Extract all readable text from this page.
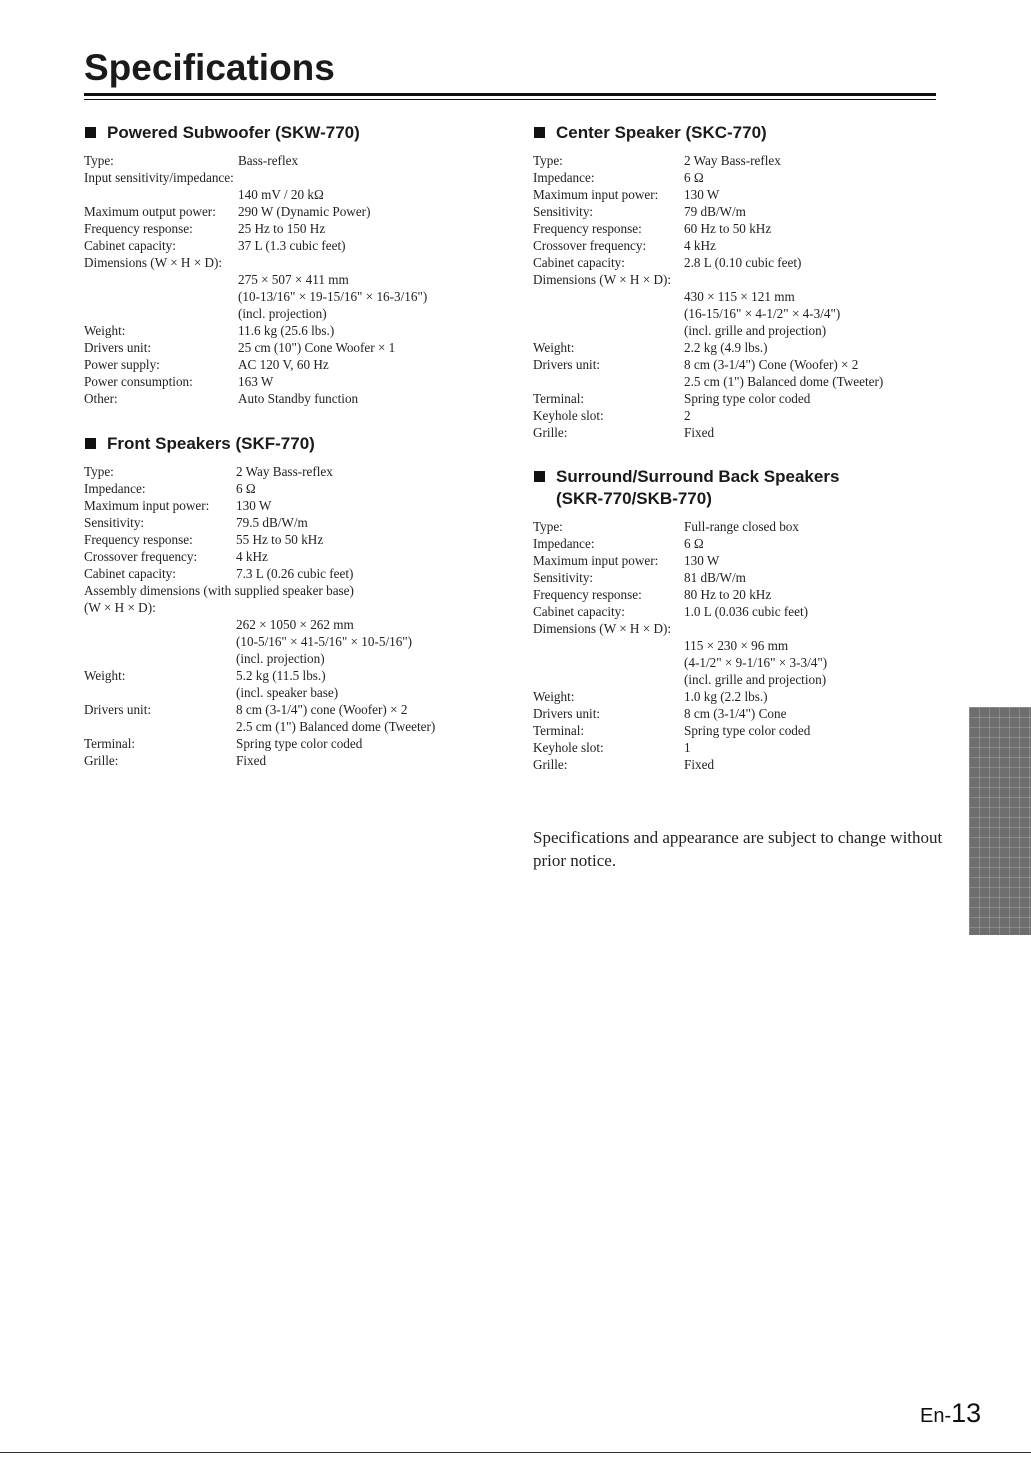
Specifications
Powered Subwoofer (SKW-770)
Type:	Bass-reflex
Input sensitivity/impedance:
140 mV / 20 kΩ
Maximum output power: 290 W (Dynamic Power)
Frequency response:	25 Hz to 150 Hz
Cabinet capacity:	37 L (1.3 cubic feet)
Dimensions (W × H × D):
275 × 507 × 411 mm
(10-13/16" × 19-15/16" × 16-3/16")
(incl. projection)
Weight:	11.6 kg (25.6 lbs.)
Drivers unit:	25 cm (10") Cone Woofer × 1
Power supply:	AC 120 V, 60 Hz
Power consumption:	163 W
Other:	Auto Standby function
Front Speakers (SKF-770)
Type:	2 Way Bass-reflex
Impedance:	6 Ω
Maximum input power: 130 W
Sensitivity:	79.5 dB/W/m
Frequency response:	55 Hz to 50 kHz
Crossover frequency:	4 kHz
Cabinet capacity:	7.3 L (0.26 cubic feet)
Assembly dimensions (with supplied speaker base)
(W × H × D):
262 × 1050 × 262 mm
(10-5/16" × 41-5/16" × 10-5/16")
(incl. projection)
Weight:	5.2 kg (11.5 lbs.)
(incl. speaker base)
Drivers unit:	8 cm (3-1/4") cone (Woofer) × 2
2.5 cm (1") Balanced dome (Tweeter)
Terminal:	Spring type color coded
Grille:	Fixed
Center Speaker (SKC-770)
Type:	2 Way Bass-reflex
Impedance:	6 Ω
Maximum input power: 130 W
Sensitivity:	79 dB/W/m
Frequency response:	60 Hz to 50 kHz
Crossover frequency:	4 kHz
Cabinet capacity:	2.8 L (0.10 cubic feet)
Dimensions (W × H × D):
430 × 115 × 121 mm
(16-15/16" × 4-1/2" × 4-3/4")
(incl. grille and projection)
Weight:	2.2 kg (4.9 lbs.)
Drivers unit:	8 cm (3-1/4") Cone (Woofer) × 2
2.5 cm (1") Balanced dome (Tweeter)
Terminal:	Spring type color coded
Keyhole slot:	2
Grille:	Fixed
Surround/Surround Back Speakers
(SKR-770/SKB-770)
Type:	Full-range closed box
Impedance:	6 Ω
Maximum input power: 130 W
Sensitivity:	81 dB/W/m
Frequency response:	80 Hz to 20 kHz
Cabinet capacity:	1.0 L (0.036 cubic feet)
Dimensions (W × H × D):
115 × 230 × 96 mm
(4-1/2" × 9-1/16" × 3-3/4")
(incl. grille and projection)
Weight:	1.0 kg (2.2 lbs.)
Drivers unit:	8 cm (3-1/4") Cone
Terminal:	Spring type color coded
Keyhole slot:	1
Grille:	Fixed

Specifications and appearance are subject to change without prior notice.

En-13
